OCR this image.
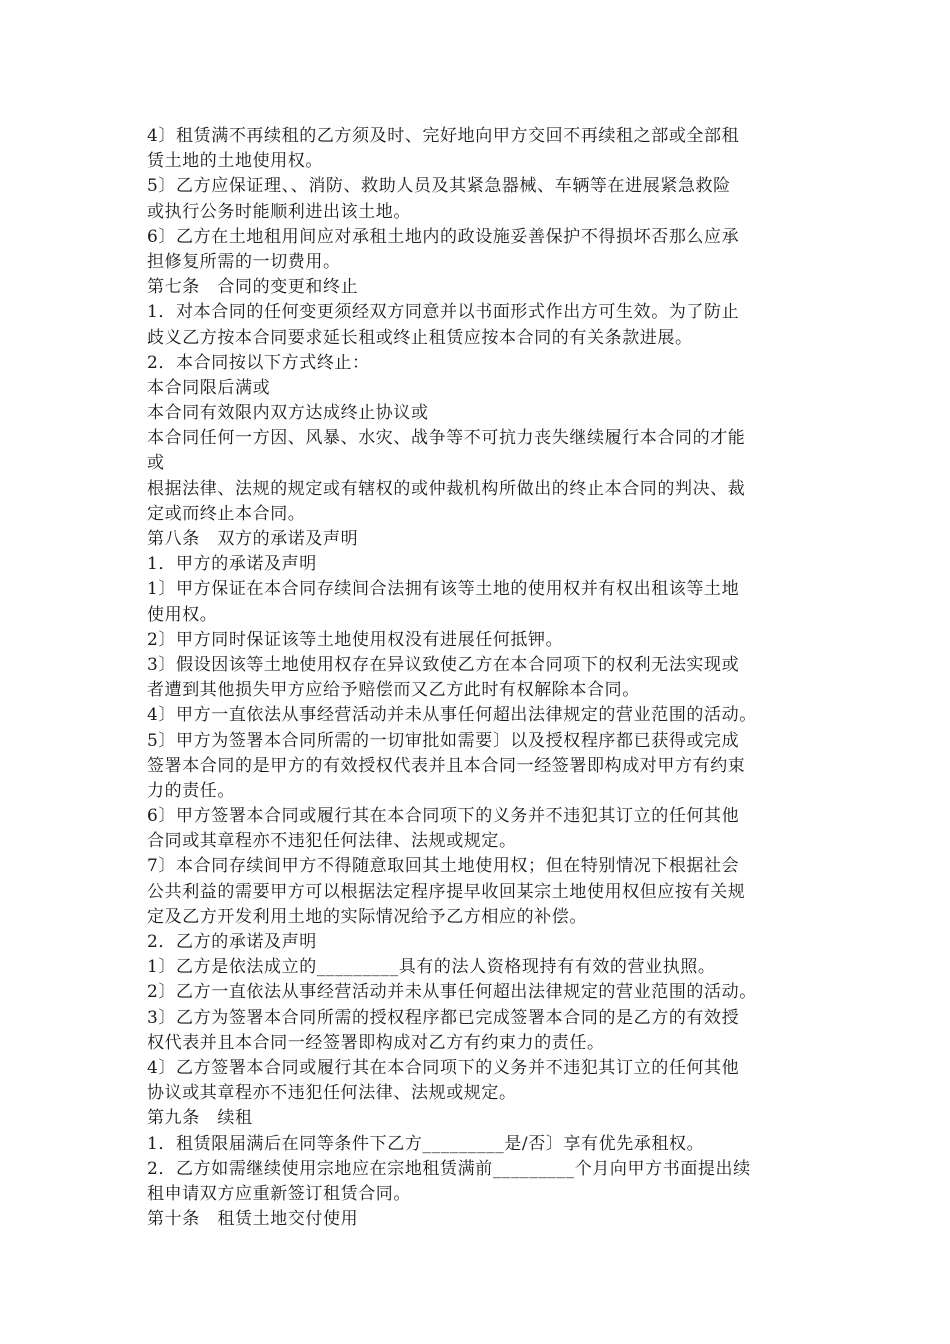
4〕租赁满不再续租的乙方须及时、完好地向甲方交回不再续租之部或全部租
赁土地的土地使用权。
5〕乙方应保证理、、消防、救助人员及其紧急器械、车辆等在进展紧急救险
或执行公务时能顺利进出该土地。
6〕乙方在土地租用间应对承租土地内的政设施妥善保护不得损坏否那么应承
担修复所需的一切费用。
第七条　合同的变更和终止
1．对本合同的任何变更须经双方同意并以书面形式作出方可生效。为了防止
歧义乙方按本合同要求延长租或终止租赁应按本合同的有关条款进展。
2．本合同按以下方式终止：
本合同限后满或
本合同有效限内双方达成终止协议或
本合同任何一方因、风暴、水灾、战争等不可抗力丧失继续履行本合同的才能
或
根据法律、法规的规定或有辖权的或仲裁机构所做出的终止本合同的判决、裁
定或而终止本合同。
第八条　双方的承诺及声明
1．甲方的承诺及声明
1〕甲方保证在本合同存续间合法拥有该等土地的使用权并有权出租该等土地
使用权。
2〕甲方同时保证该等土地使用权没有进展任何抵钾。
3〕假设因该等土地使用权存在异议致使乙方在本合同项下的权利无法实现或
者遭到其他损失甲方应给予赔偿而又乙方此时有权解除本合同。
4〕甲方一直依法从事经营活动并未从事任何超出法律规定的营业范围的活动。
5〕甲方为签署本合同所需的一切审批如需要〕以及授权程序都已获得或完成
签署本合同的是甲方的有效授权代表并且本合同一经签署即构成对甲方有约束
力的责任。
6〕甲方签署本合同或履行其在本合同项下的义务并不违犯其订立的任何其他
合同或其章程亦不违犯任何法律、法规或规定。
7〕本合同存续间甲方不得随意取回其土地使用权；但在特别情况下根据社会
公共利益的需要甲方可以根据法定程序提早收回某宗土地使用权但应按有关规
定及乙方开发利用土地的实际情况给予乙方相应的补偿。
2．乙方的承诺及声明
1〕乙方是依法成立的_________具有的法人资格现持有有效的营业执照。
2〕乙方一直依法从事经营活动并未从事任何超出法律规定的营业范围的活动。
3〕乙方为签署本合同所需的授权程序都已完成签署本合同的是乙方的有效授
权代表并且本合同一经签署即构成对乙方有约束力的责任。
4〕乙方签署本合同或履行其在本合同项下的义务并不违犯其订立的任何其他
协议或其章程亦不违犯任何法律、法规或规定。
第九条　续租
1．租赁限届满后在同等条件下乙方_________是/否〕享有优先承租权。
2．乙方如需继续使用宗地应在宗地租赁满前_________个月向甲方书面提出续
租申请双方应重新签订租赁合同。
第十条　租赁土地交付使用
